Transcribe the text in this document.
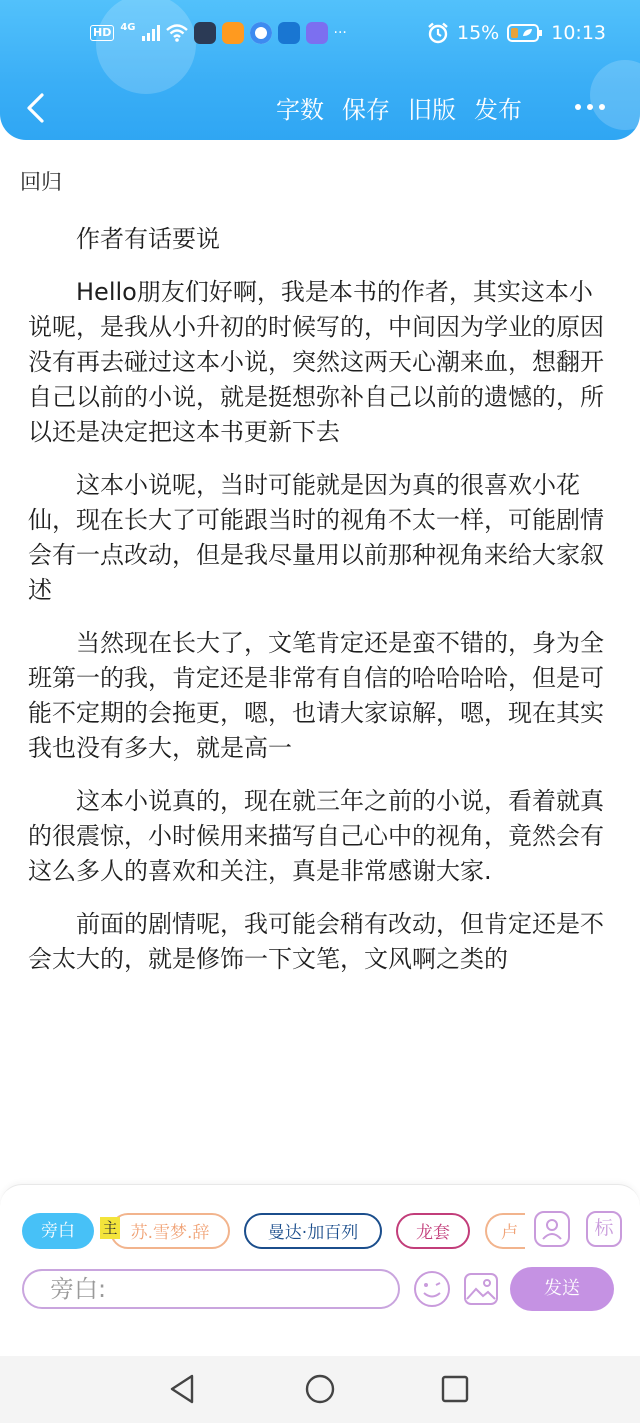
HD 4G	···	15%	10:13
字数 保存 旧版 发布
回归

作者有话要说

Hello朋友们好啊，我是本书的作者，其实这本小说呢，是我从小升初的时候写的，中间因为学业的原因没有再去碰过这本小说，突然这两天心潮来血，想翻开自己以前的小说，就是挺想弥补自己以前的遗憾的，所以还是决定把这本书更新下去

这本小说呢，当时可能就是因为真的很喜欢小花仙，现在长大了可能跟当时的视角不太一样，可能剧情会有一点改动，但是我尽量用以前那种视角来给大家叙述

当然现在长大了，文笔肯定还是蛮不错的，身为全班第一的我，肯定还是非常有自信的哈哈哈哈，但是可能不定期的会拖更，嗯，也请大家谅解，嗯，现在其实我也没有多大，就是高一

这本小说真的，现在就三年之前的小说，看着就真的很震惊，小时候用来描写自己心中的视角，竟然会有这么多人的喜欢和关注，真是非常感谢大家.

前面的剧情呢，我可能会稍有改动，但肯定还是不会太大的，就是修饰一下文笔，文风啊之类的

旁白	苏.雪梦.辞
主	曼达·加百列	龙套	卢	标
旁白:	发送
